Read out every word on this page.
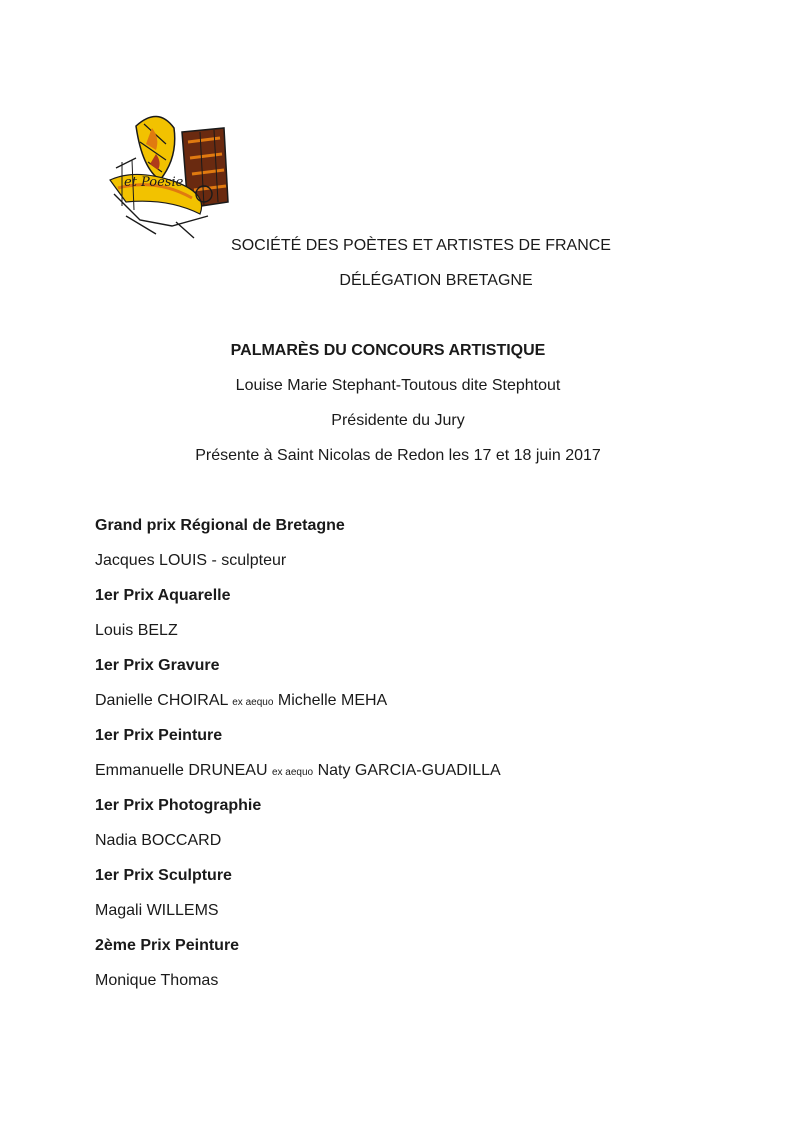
et Poésie
SOCIÉTÉ DES POÈTES ET ARTISTES DE FRANCE
DÉLÉGATION BRETAGNE
PALMARÈS DU CONCOURS ARTISTIQUE
Louise Marie Stephant-Toutous dite Stephtout
Présidente du Jury
Présente à Saint Nicolas de Redon les 17 et 18 juin 2017
Grand prix Régional de Bretagne
Jacques LOUIS - sculpteur
1er Prix Aquarelle
Louis BELZ
1er Prix Gravure
Danielle CHOIRAL ex aequo Michelle MEHA
1er Prix Peinture
Emmanuelle DRUNEAU ex aequo Naty GARCIA-GUADILLA
1er Prix Photographie
Nadia BOCCARD
1er Prix Sculpture
Magali WILLEMS
2ème Prix Peinture
Monique Thomas
